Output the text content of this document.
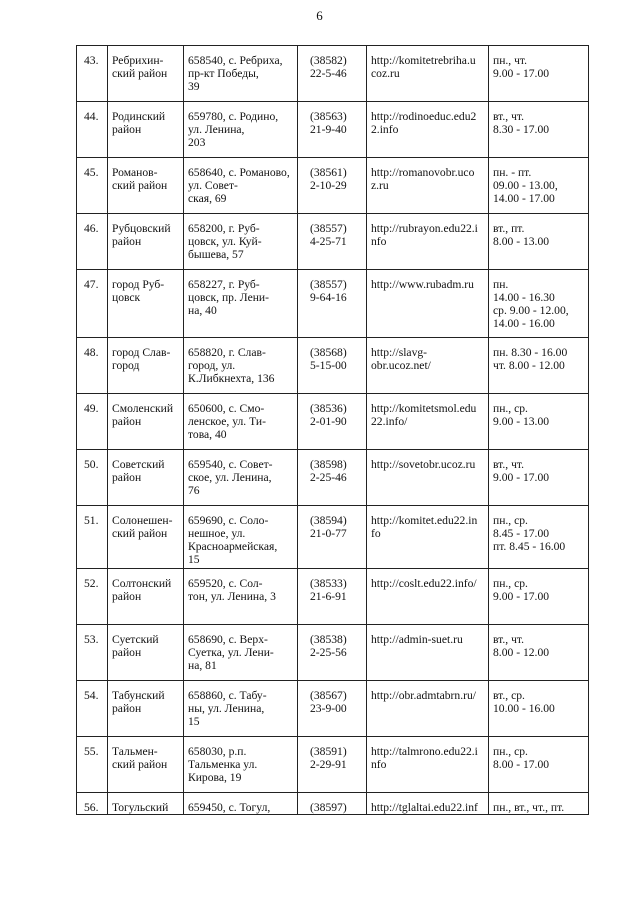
6
43.	Ребрихин-
ский район	658540, с. Ребриха,
пр-кт Победы,
39	(38582)
22-5-46	http://komitetrebriha.u
coz.ru	пн., чт.
9.00 - 17.00

44.	Родинский
район	659780, с. Родино,
ул. Ленина,
203	(38563)
21-9-40	http://rodinoeduc.edu2
2.info	вт., чт.
8.30 - 17.00

45.	Романов-
ский район	658640, с. Романово,
ул. Совет-
ская, 69	(38561)
2-10-29	http://romanovobr.uco
z.ru	пн. - пт.
09.00 - 13.00,
14.00 - 17.00

46.	Рубцовский
район	658200, г. Руб-
цовск, ул. Куй-
бышева, 57	(38557)
4-25-71	http://rubrayon.edu22.i
nfo	вт., пт.
8.00 - 13.00

47.	город Руб-
цовск	658227, г. Руб-
цовск, пр. Лени-
на, 40	(38557)
9-64-16	http://www.rubadm.ru	пн.
14.00 - 16.30
ср. 9.00 - 12.00,
14.00 - 16.00

48.	город Слав-
город	658820, г. Слав-
город, ул.
К.Либкнехта, 136	(38568)
5-15-00	http://slavg-
obr.ucoz.net/	пн. 8.30 - 16.00
чт. 8.00 - 12.00

49.	Смоленский
район	650600, с. Смо-
ленское, ул. Ти-
това, 40	(38536)
2-01-90	http://komitetsmol.edu
22.info/	пн., ср.
9.00 - 13.00

50.	Советский
район	659540, с. Совет-
ское, ул. Ленина,
76	(38598)
2-25-46	http://sovetobr.ucoz.ru	вт., чт.
9.00 - 17.00

51.	Солонешен-
ский район	659690, с. Соло-
нешное, ул.
Красноармейская,
15	(38594)
21-0-77	http://komitet.edu22.in
fo	пн., ср.
8.45 - 17.00
пт. 8.45 - 16.00

52.	Солтонский
район	659520, с. Сол-
тон, ул. Ленина, 3	(38533)
21-6-91	http://coslt.edu22.info/	пн., ср.
9.00 - 17.00

53.	Суетский
район	658690, с. Верх-
Суетка, ул. Лени-
на, 81	(38538)
2-25-56	http://admin-suet.ru	вт., чт.
8.00 - 12.00

54.	Табунский
район	658860, с. Табу-
ны, ул. Ленина,
15	(38567)
23-9-00	http://obr.admtabrn.ru/	вт., ср.
10.00 - 16.00

55.	Тальмен-
ский район	658030, р.п.
Тальменка ул.
Кирова, 19	(38591)
2-29-91	http://talmrono.edu22.i
nfo	пн., ср.
8.00 - 17.00

56.	Тогульский	659450, с. Тогул,	(38597)	http://tglaltai.edu22.inf	пн., вт., чт., пт.
